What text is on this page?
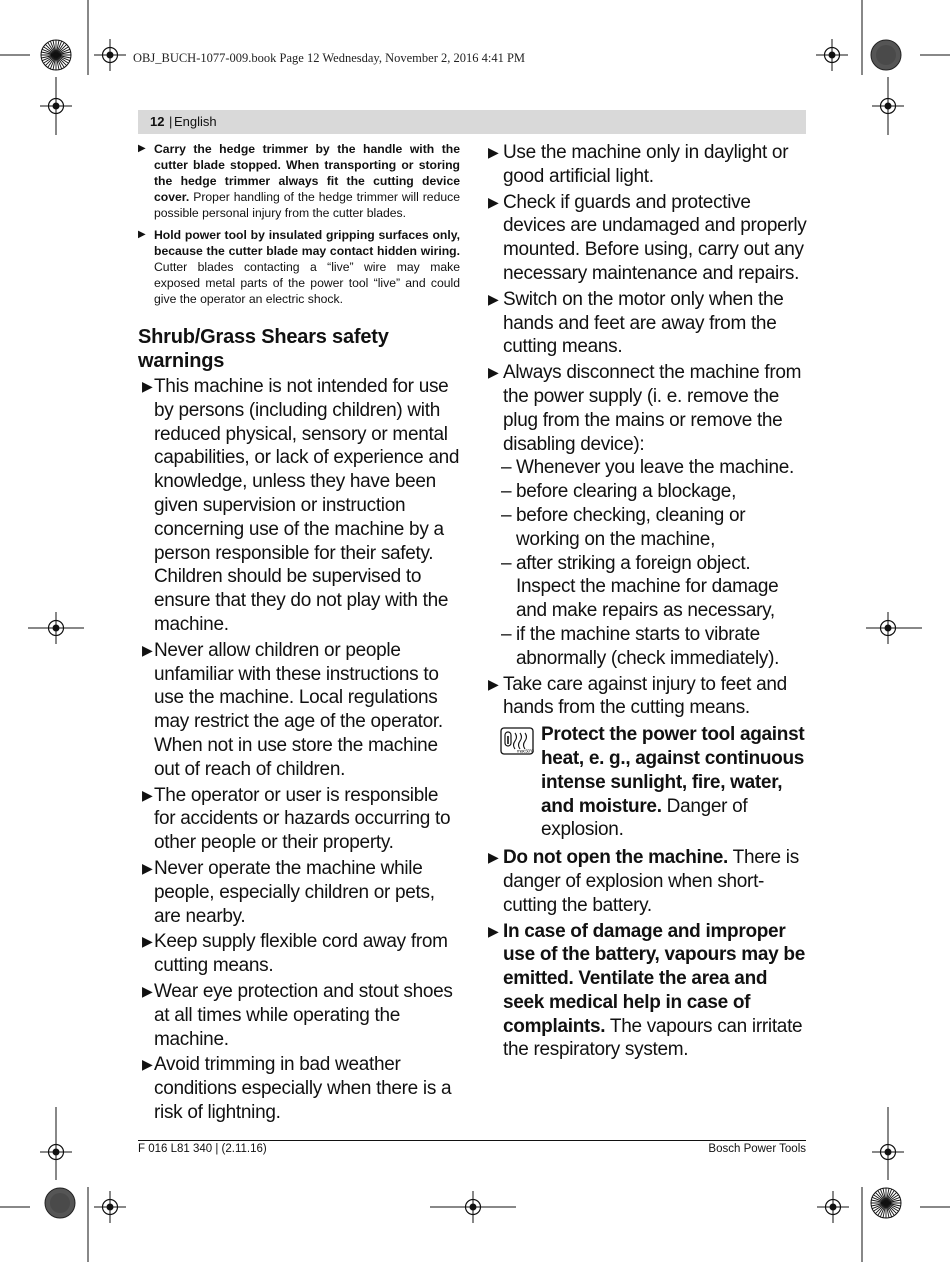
OBJ_BUCH-1077-009.book Page 12 Wednesday, November 2, 2016 4:41 PM
12 | English
▶ Carry the hedge trimmer by the handle with the cutter blade stopped. When transporting or storing the hedge trimmer always fit the cutting device cover. Proper handling of the hedge trimmer will reduce possible personal injury from the cutter blades.
▶ Hold power tool by insulated gripping surfaces only, because the cutter blade may contact hidden wiring. Cutter blades contacting a “live” wire may make exposed metal parts of the power tool “live” and could give the operator an electric shock.
Shrub/Grass Shears safety warnings
▶ This machine is not intended for use by persons (including children) with reduced physical, sensory or mental capabilities, or lack of experience and knowledge, unless they have been given supervision or instruction concerning use of the machine by a person responsible for their safety. Children should be supervised to ensure that they do not play with the machine.
▶ Never allow children or people unfamiliar with these instructions to use the machine. Local regulations may restrict the age of the operator. When not in use store the machine out of reach of children.
▶ The operator or user is responsible for accidents or hazards occurring to other people or their property.
▶ Never operate the machine while people, especially children or pets, are nearby.
▶ Keep supply flexible cord away from cutting means.
▶ Wear eye protection and stout shoes at all times while operating the machine.
▶ Avoid trimming in bad weather conditions especially when there is a risk of lightning.
▶ Use the machine only in daylight or good artificial light.
▶ Check if guards and protective devices are undamaged and properly mounted. Before using, carry out any necessary maintenance and repairs.
▶ Switch on the motor only when the hands and feet are away from the cutting means.
▶ Always disconnect the machine from the power supply (i. e. remove the plug from the mains or remove the disabling device):
– Whenever you leave the machine.
– before clearing a blockage,
– before checking, cleaning or working on the machine,
– after striking a foreign object. Inspect the machine for damage and make repairs as necessary,
– if the machine starts to vibrate abnormally (check immediately).
▶ Take care against injury to feet and hands from the cutting means.
max.50°C
Protect the power tool against heat, e. g., against continuous intense sunlight, fire, water, and moisture. Danger of explosion.
▶ Do not open the machine. There is danger of explosion when short-cutting the battery.
▶ In case of damage and improper use of the battery, vapours may be emitted. Ventilate the area and seek medical help in case of complaints. The vapours can irritate the respiratory system.
F 016 L81 340 | (2.11.16)	Bosch Power Tools
